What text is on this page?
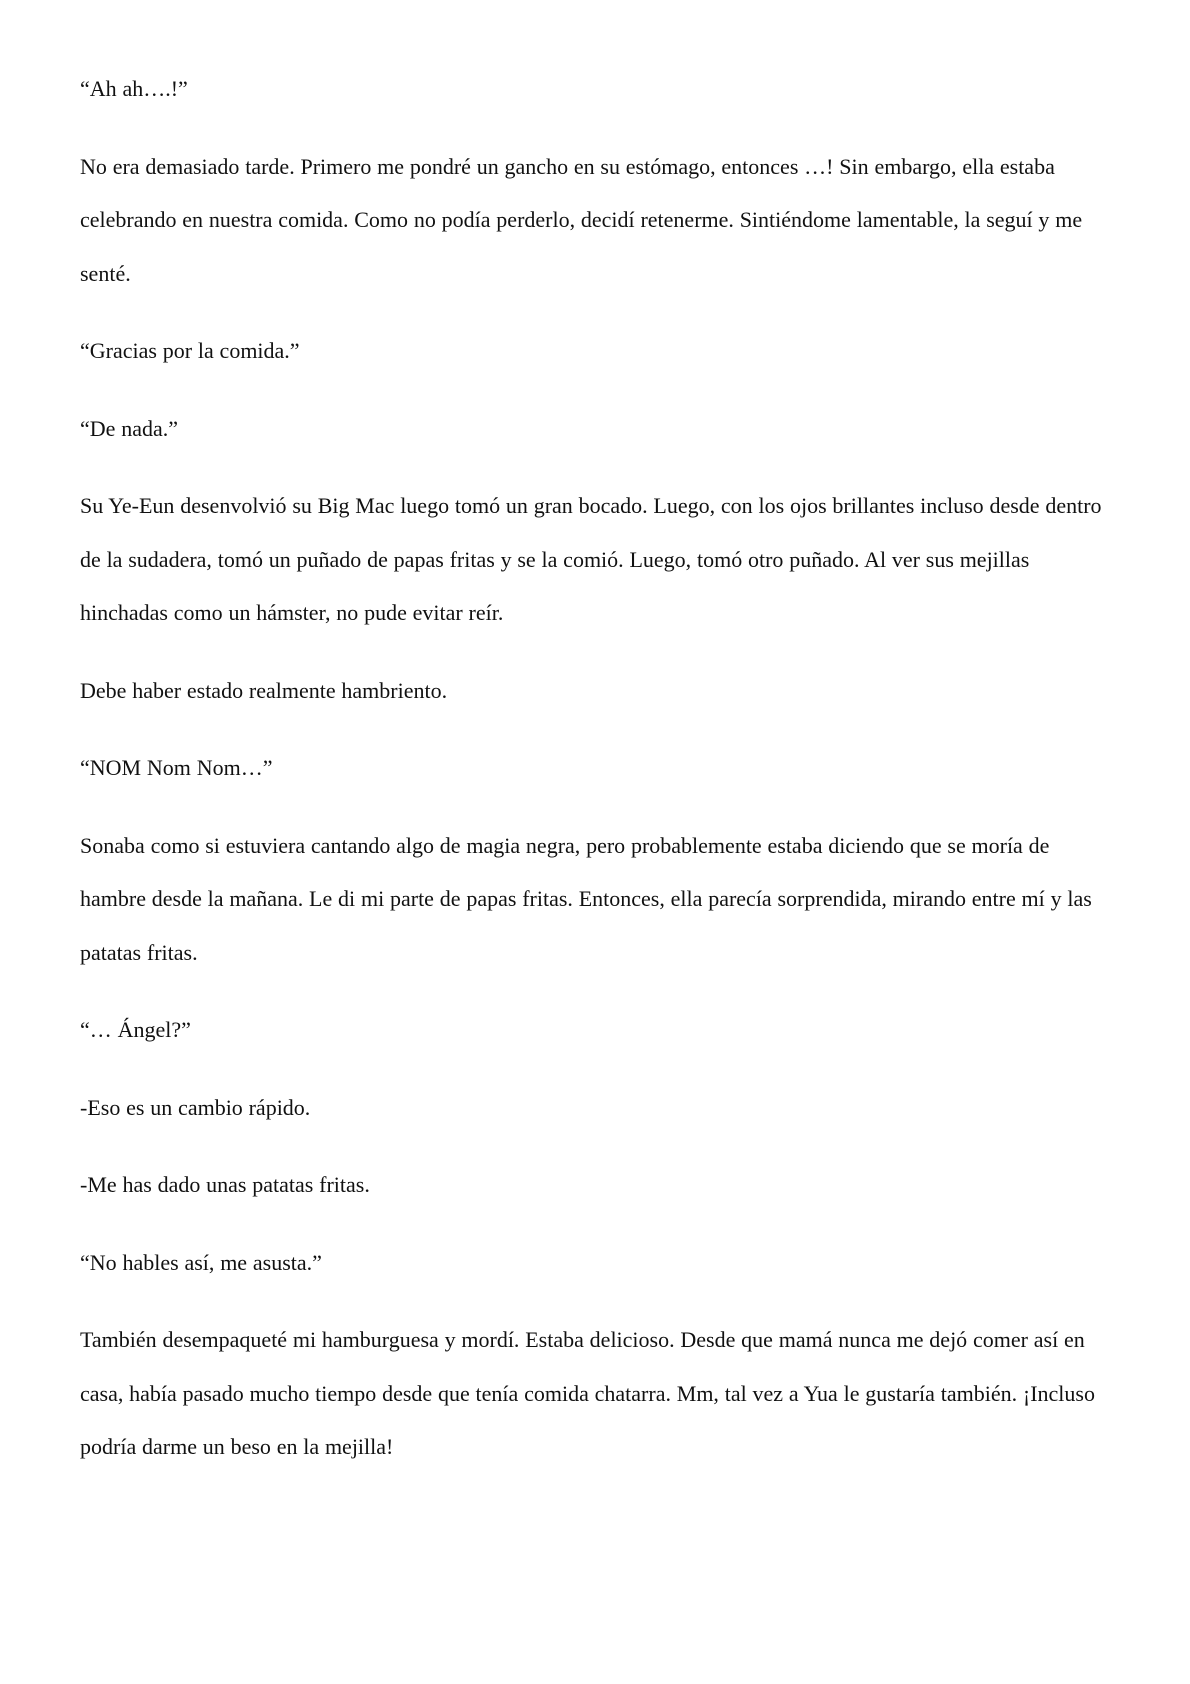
“Ah ah….!”

No era demasiado tarde. Primero me pondré un gancho en su estómago, entonces …! Sin embargo, ella estaba celebrando en nuestra comida. Como no podía perderlo, decidí retenerme. Sintiéndome lamentable, la seguí y me senté.

“Gracias por la comida.”

“De nada.”

Su Ye-Eun desenvolvió su Big Mac luego tomó un gran bocado. Luego, con los ojos brillantes incluso desde dentro de la sudadera, tomó un puñado de papas fritas y se la comió. Luego, tomó otro puñado. Al ver sus mejillas hinchadas como un hámster, no pude evitar reír.

Debe haber estado realmente hambriento.

“NOM Nom Nom…”

Sonaba como si estuviera cantando algo de magia negra, pero probablemente estaba diciendo que se moría de hambre desde la mañana. Le di mi parte de papas fritas. Entonces, ella parecía sorprendida, mirando entre mí y las patatas fritas.

“… Ángel?”

-Eso es un cambio rápido.

-Me has dado unas patatas fritas.

“No hables así, me asusta.”

También desempaqueté mi hamburguesa y mordí. Estaba delicioso. Desde que mamá nunca me dejó comer así en casa, había pasado mucho tiempo desde que tenía comida chatarra. Mm, tal vez a Yua le gustaría también. ¡Incluso podría darme un beso en la mejilla!
